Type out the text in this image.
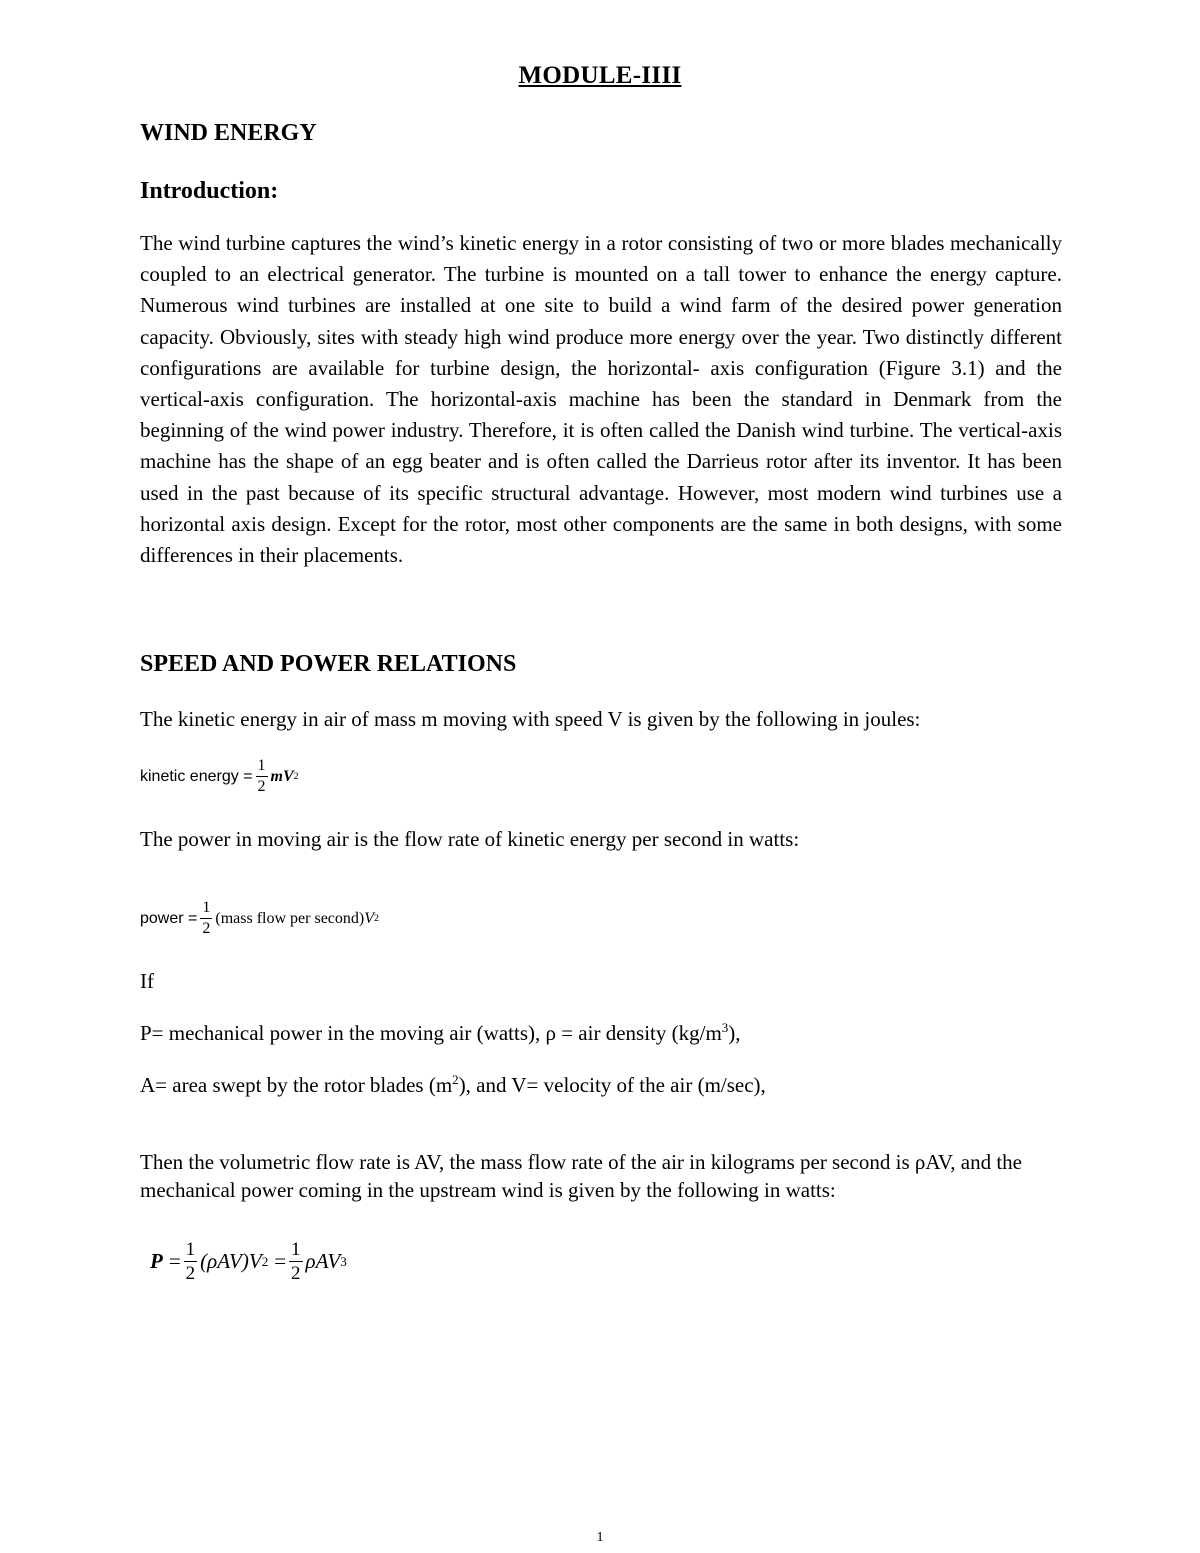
MODULE-IIII
WIND ENERGY
Introduction:

The wind turbine captures the wind’s kinetic energy in a rotor consisting of two or more blades mechanically coupled to an electrical generator. The turbine is mounted on a tall tower to enhance the energy capture. Numerous wind turbines are installed at one site to build a wind farm of the desired power generation capacity. Obviously, sites with steady high wind produce more energy over the year. Two distinctly different configurations are available for turbine design, the horizontal- axis configuration (Figure 3.1) and the vertical-axis configuration. The horizontal-axis machine has been the standard in Denmark from the beginning of the wind power industry. Therefore, it is often called the Danish wind turbine. The vertical-axis machine has the shape of an egg beater and is often called the Darrieus rotor after its inventor. It has been used in the past because of its specific structural advantage. However, most modern wind turbines use a horizontal axis design. Except for the rotor, most other components are the same in both designs, with some differences in their placements.

SPEED AND POWER RELATIONS

The kinetic energy in air of mass m moving with speed V is given by the following in joules:

kinetic energy = $\frac{1}{2}$ mV 2

The power in moving air is the flow rate of kinetic energy per second in watts:

power = $\frac{1}{2}$ (mass flow per second) V 2

If

P= mechanical power in the moving air (watts), ρ = air density $(kg/m^3)$,

A= area swept by the rotor blades $(m^2)$, and V= velocity of the air (m/sec),

Then the volumetric flow rate is AV, the mass flow rate of the air in kilograms per second is ρAV, and the mechanical power coming in the upstream wind is given by the following in watts:

$P = \frac{1}{2} (\rho AV)V$ $2 = \frac{1}{2}$ ρAV 3
1
